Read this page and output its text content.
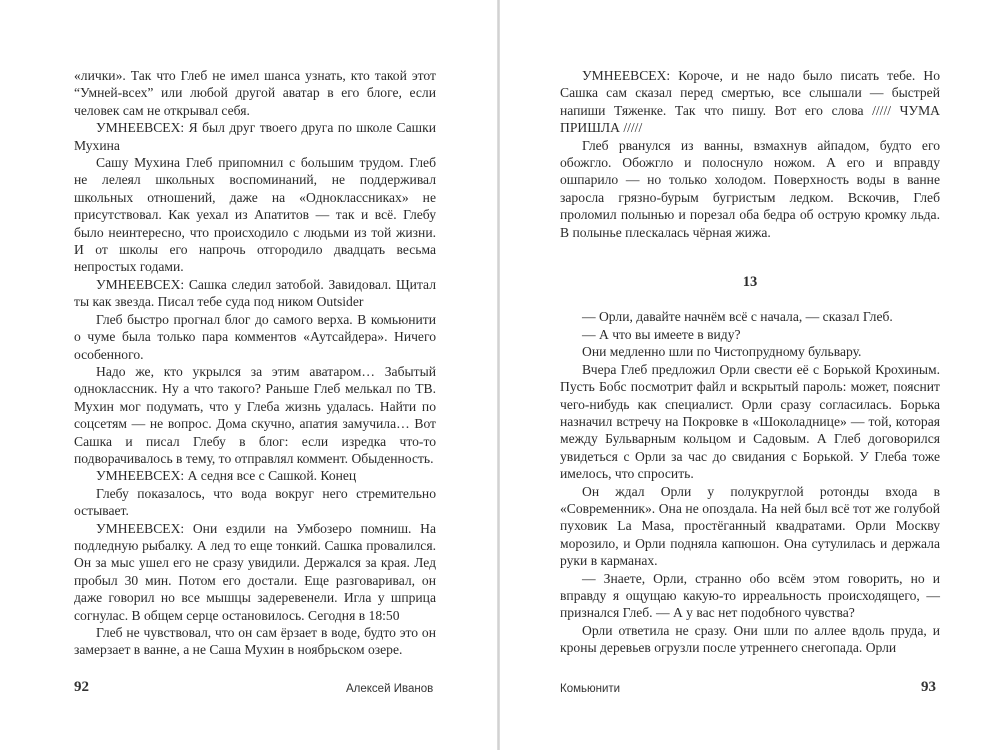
«лички». Так что Глеб не имел шанса узнать, кто такой этот “Умней-всех” или любой другой аватар в его блоге, если человек сам не открывал себя.

УМНЕЕВСЕХ: Я был друг твоего друга по школе Сашки Мухина

Сашу Мухина Глеб припомнил с большим трудом. Глеб не лелеял школьных воспоминаний, не поддерживал школьных отношений, даже на «Одноклассниках» не присутствовал. Как уехал из Апатитов — так и всё. Глебу было неинтересно, что происходило с людьми из той жизни. И от школы его напрочь отгородило двадцать весьма непростых годами.

УМНЕЕВСЕХ: Сашка следил затобой. Завидовал. Щитал ты как звезда. Писал тебе суда под ником Outsider

Глеб быстро прогнал блог до самого верха. В комьюнити о чуме была только пара комментов «Аутсайдера». Ничего особенного.

Надо же, кто укрылся за этим аватаром… Забытый одноклассник. Ну а что такого? Раньше Глеб мелькал по ТВ. Мухин мог подумать, что у Глеба жизнь удалась. Найти по соцсетям — не вопрос. Дома скучно, апатия замучила… Вот Сашка и писал Глебу в блог: если изредка что-то подворачивалось в тему, то отправлял коммент. Обыденность.

УМНЕЕВСЕХ: А седня все с Сашкой. Конец

Глебу показалось, что вода вокруг него стремительно остывает.

УМНЕЕВСЕХ: Они ездили на Умбозеро помниш. На подледную рыбалку. А лед то еще тонкий. Сашка провалился. Он за мыс ушел его не сразу увидили. Держался за края. Лед пробыл 30 мин. Потом его достали. Еще разговаривал, он даже говорил но все мышцы задеревенели. Игла у шприца согнулас. В общем серце остановилось. Сегодня в 18:50

Глеб не чувствовал, что он сам ёрзает в воде, будто это он замерзает в ванне, а не Саша Мухин в ноябрьском озере.

92	Алексей Иванов

УМНЕЕВСЕХ: Короче, и не надо было писать тебе. Но Сашка сам сказал перед смертью, все слышали — быстрей напиши Тяженке. Так что пишу. Вот его слова ///// ЧУМА ПРИШЛА /////

Глеб рванулся из ванны, взмахнув айпадом, будто его обожгло. Обожгло и полоснуло ножом. А его и вправду ошпарило — но только холодом. Поверхность воды в ванне заросла грязно-бурым бугристым ледком. Вскочив, Глеб проломил полынью и порезал оба бедра об острую кромку льда. В полынье плескалась чёрная жижа.

13

— Орли, давайте начнём всё с начала, — сказал Глеб.

— А что вы имеете в виду?

Они медленно шли по Чистопрудному бульвару.

Вчера Глеб предложил Орли свести её с Борькой Крохиным. Пусть Бобс посмотрит файл и вскрытый пароль: может, пояснит чего-нибудь как специалист. Орли сразу согласилась. Борька назначил встречу на Покровке в «Шоколаднице» — той, которая между Бульварным кольцом и Садовым. А Глеб договорился увидеться с Орли за час до свидания с Борькой. У Глеба тоже имелось, что спросить.

Он ждал Орли у полукруглой ротонды входа в «Современник». Она не опоздала. На ней был всё тот же голубой пуховик La Masa, простёганный квадратами. Орли Москву морозило, и Орли подняла капюшон. Она сутулилась и держала руки в карманах.

— Знаете, Орли, странно обо всём этом говорить, но и вправду я ощущаю какую-то ирреальность происходящего, — признался Глеб. — А у вас нет подобного чувства?

Орли ответила не сразу. Они шли по аллее вдоль пруда, и кроны деревьев огрузли после утреннего снегопада. Орли

Комьюнити	93
